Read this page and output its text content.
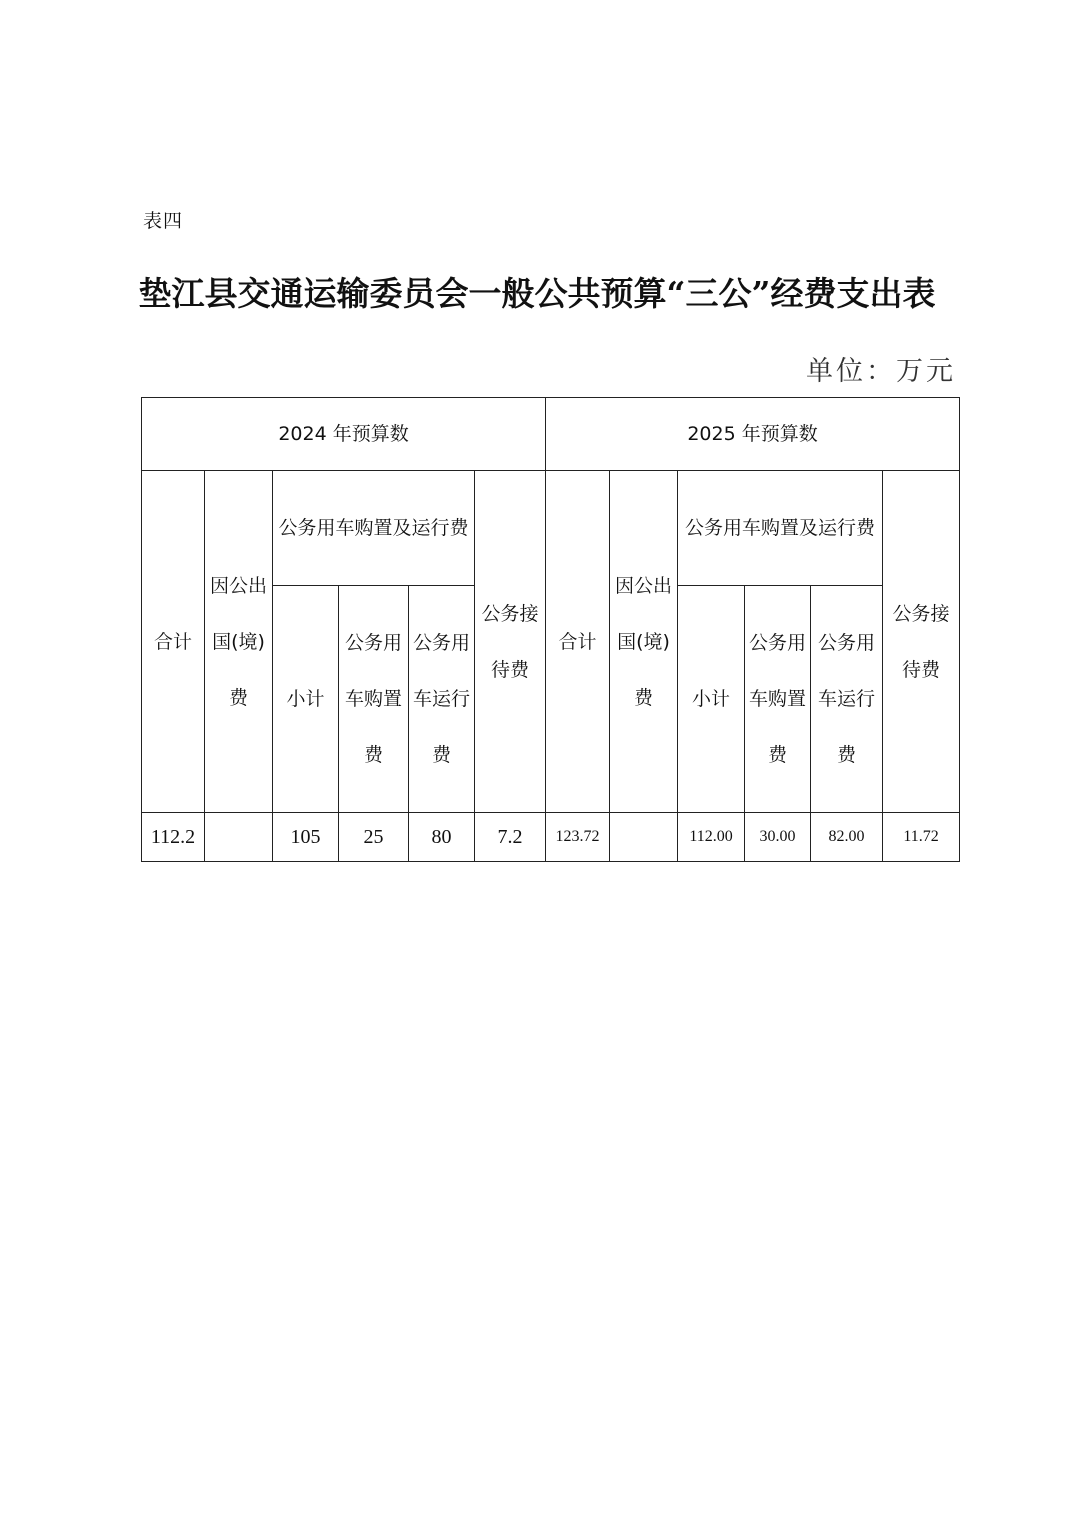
表四
垫江县交通运输委员会一般公共预算“三公”经费支出表
单位：万元
2024 年预算数						2025 年预算数					
合计	因公出国(境)费	公务用车购置及运行费			公务接待费	合计	因公出国(境)费	公务用车购置及运行费			公务接待费
		小计	公务用车购置费	公务用车运行费				小计	公务用车购置费	公务用车运行费	
112.2		105	25	80	7.2	123.72		112.00	30.00	82.00	11.72
